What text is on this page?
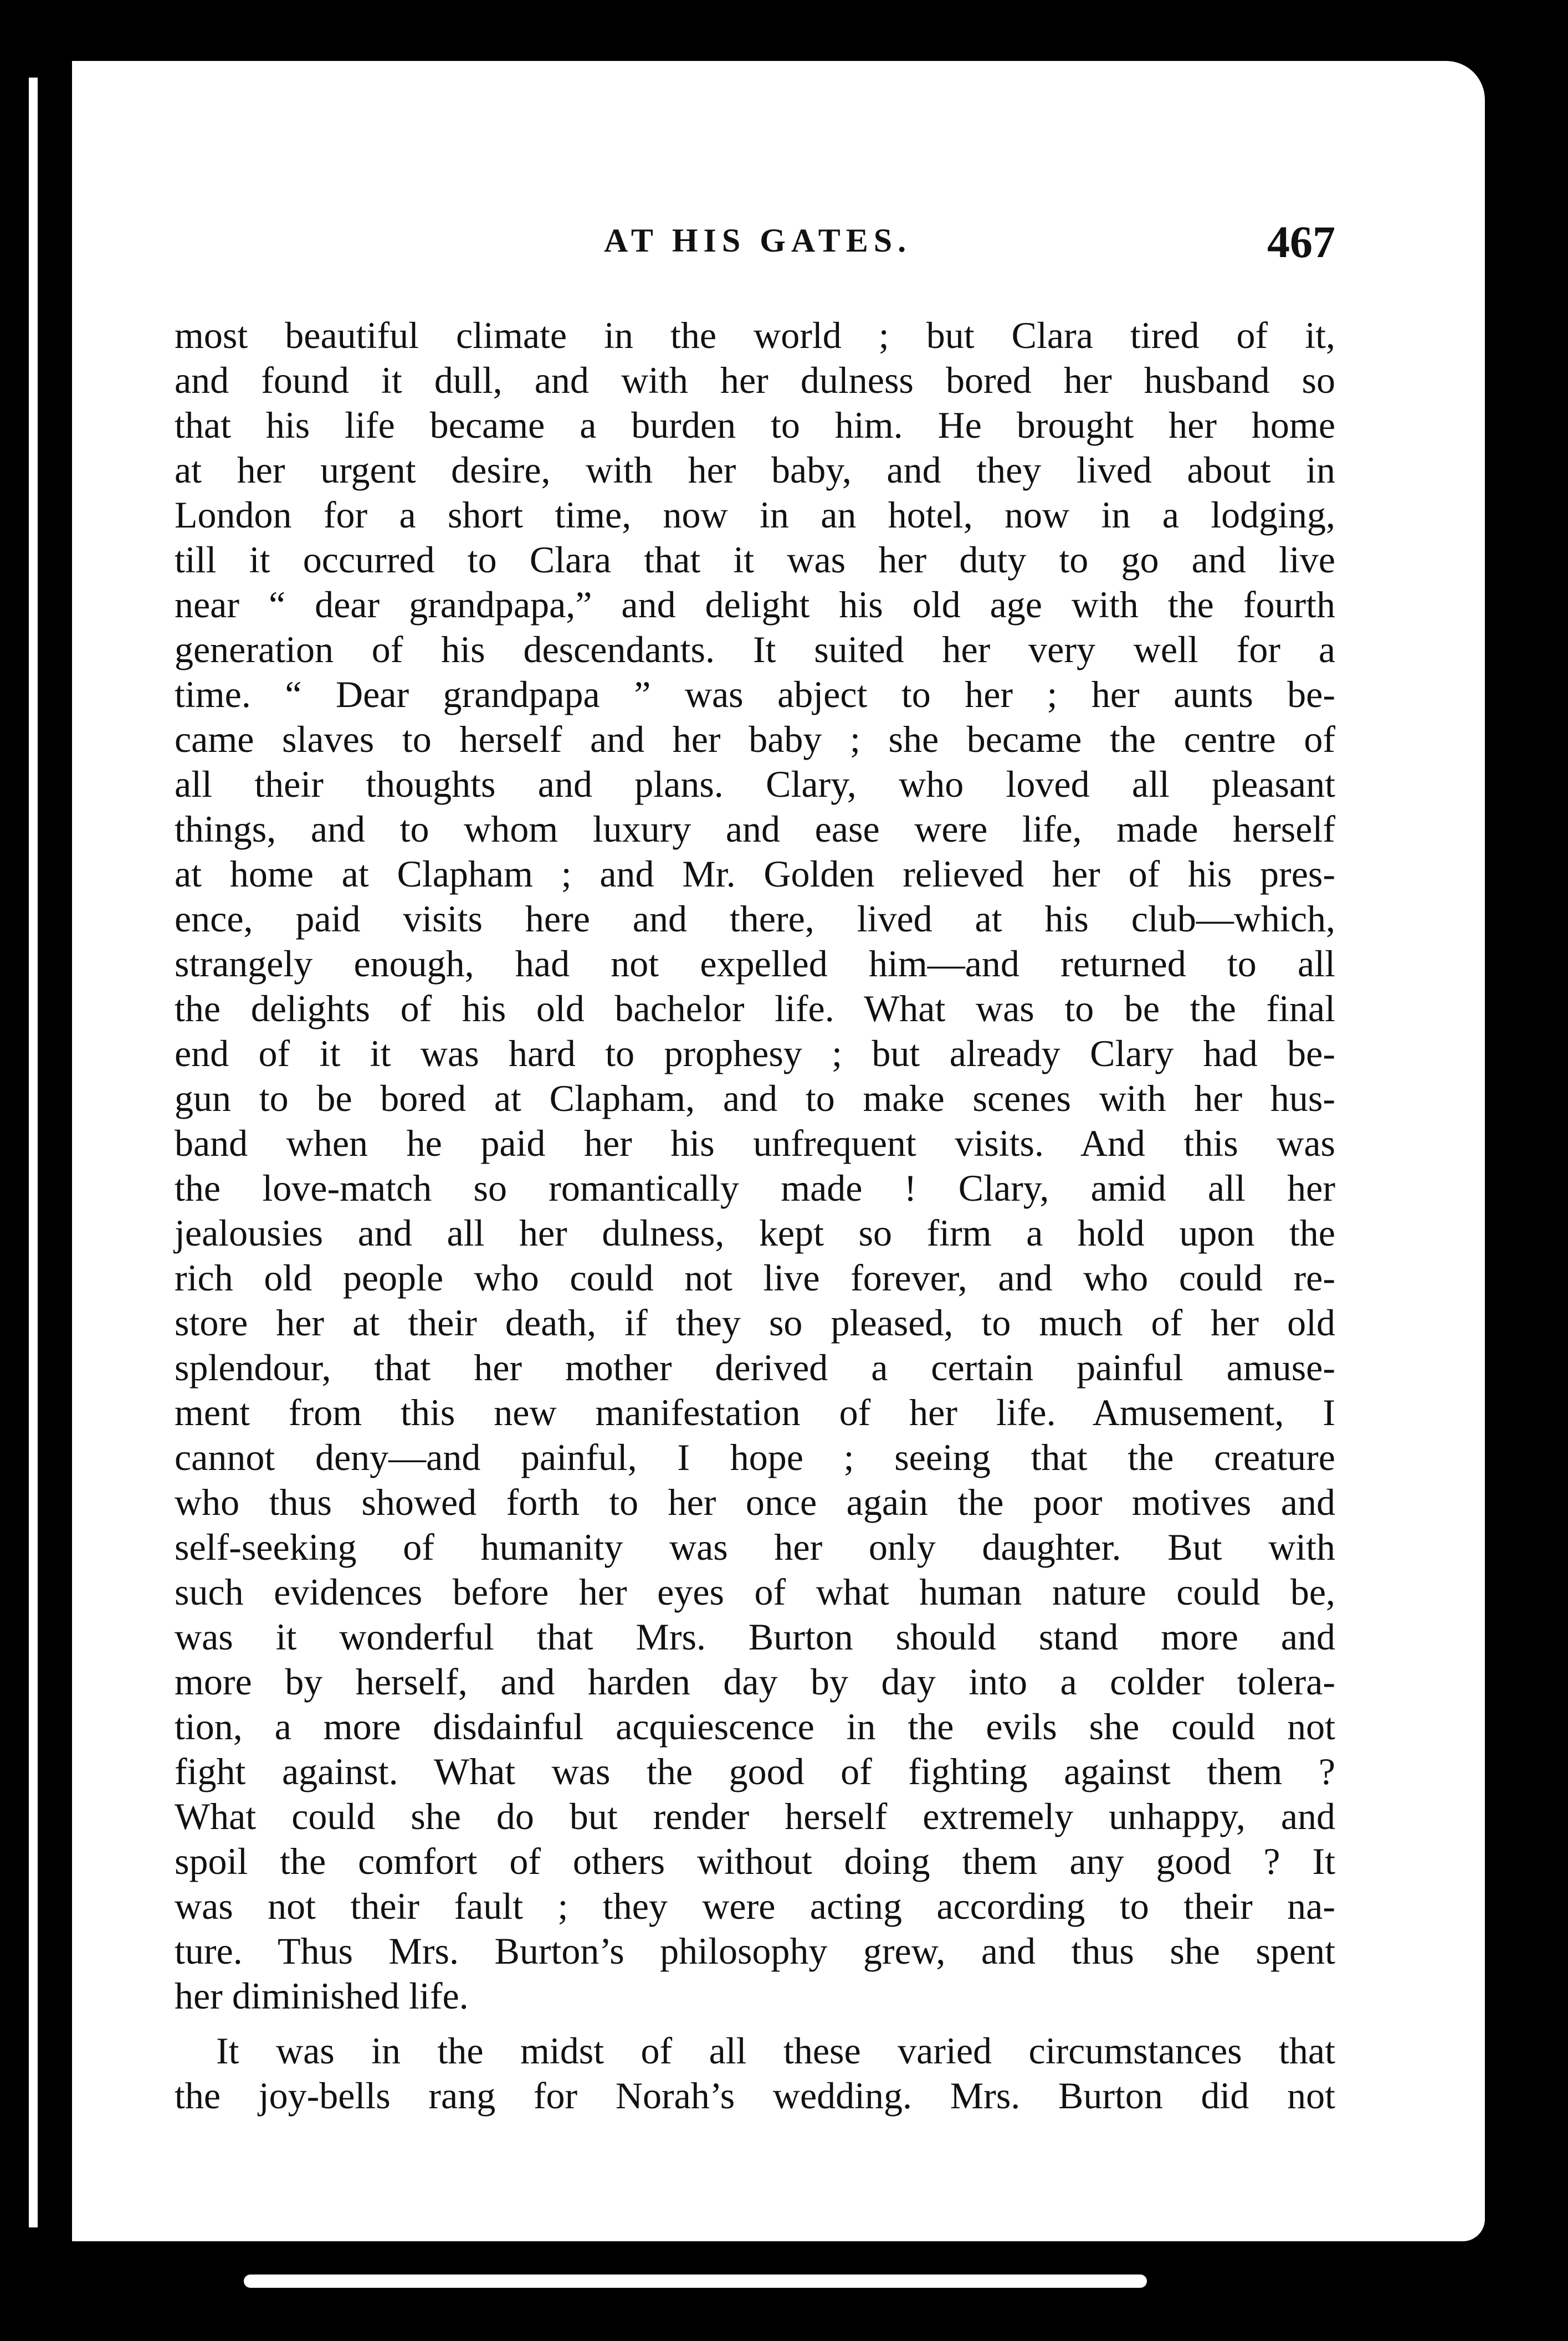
AT HIS GATES.	467
most beautiful climate in the world ; but Clara tired of it,
and found it dull, and with her dulness bored her husband so
that his life became a burden to him. He brought her home
at her urgent desire, with her baby, and they lived about in
London for a short time, now in an hotel, now in a lodging,
till it occurred to Clara that it was her duty to go and live
near “ dear grandpapa,” and delight his old age with the fourth
generation of his descendants. It suited her very well for a
time. “ Dear grandpapa ” was abject to her ; her aunts be-
came slaves to herself and her baby ; she became the centre of
all their thoughts and plans. Clary, who loved all pleasant
things, and to whom luxury and ease were life, made herself
at home at Clapham ; and Mr. Golden relieved her of his pres-
ence, paid visits here and there, lived at his club—which,
strangely enough, had not expelled him—and returned to all
the delights of his old bachelor life. What was to be the final
end of it it was hard to prophesy ; but already Clary had be-
gun to be bored at Clapham, and to make scenes with her hus-
band when he paid her his unfrequent visits. And this was
the love-match so romantically made ! Clary, amid all her
jealousies and all her dulness, kept so firm a hold upon the
rich old people who could not live forever, and who could re-
store her at their death, if they so pleased, to much of her old
splendour, that her mother derived a certain painful amuse-
ment from this new manifestation of her life. Amusement, I
cannot deny—and painful, I hope ; seeing that the creature
who thus showed forth to her once again the poor motives and
self-seeking of humanity was her only daughter. But with
such evidences before her eyes of what human nature could be,
was it wonderful that Mrs. Burton should stand more and
more by herself, and harden day by day into a colder tolera-
tion, a more disdainful acquiescence in the evils she could not
fight against. What was the good of fighting against them ?
What could she do but render herself extremely unhappy, and
spoil the comfort of others without doing them any good ? It
was not their fault ; they were acting according to their na-
ture. Thus Mrs. Burton’s philosophy grew, and thus she spent
her diminished life.
It was in the midst of all these varied circumstances that
the joy-bells rang for Norah’s wedding. Mrs. Burton did not
